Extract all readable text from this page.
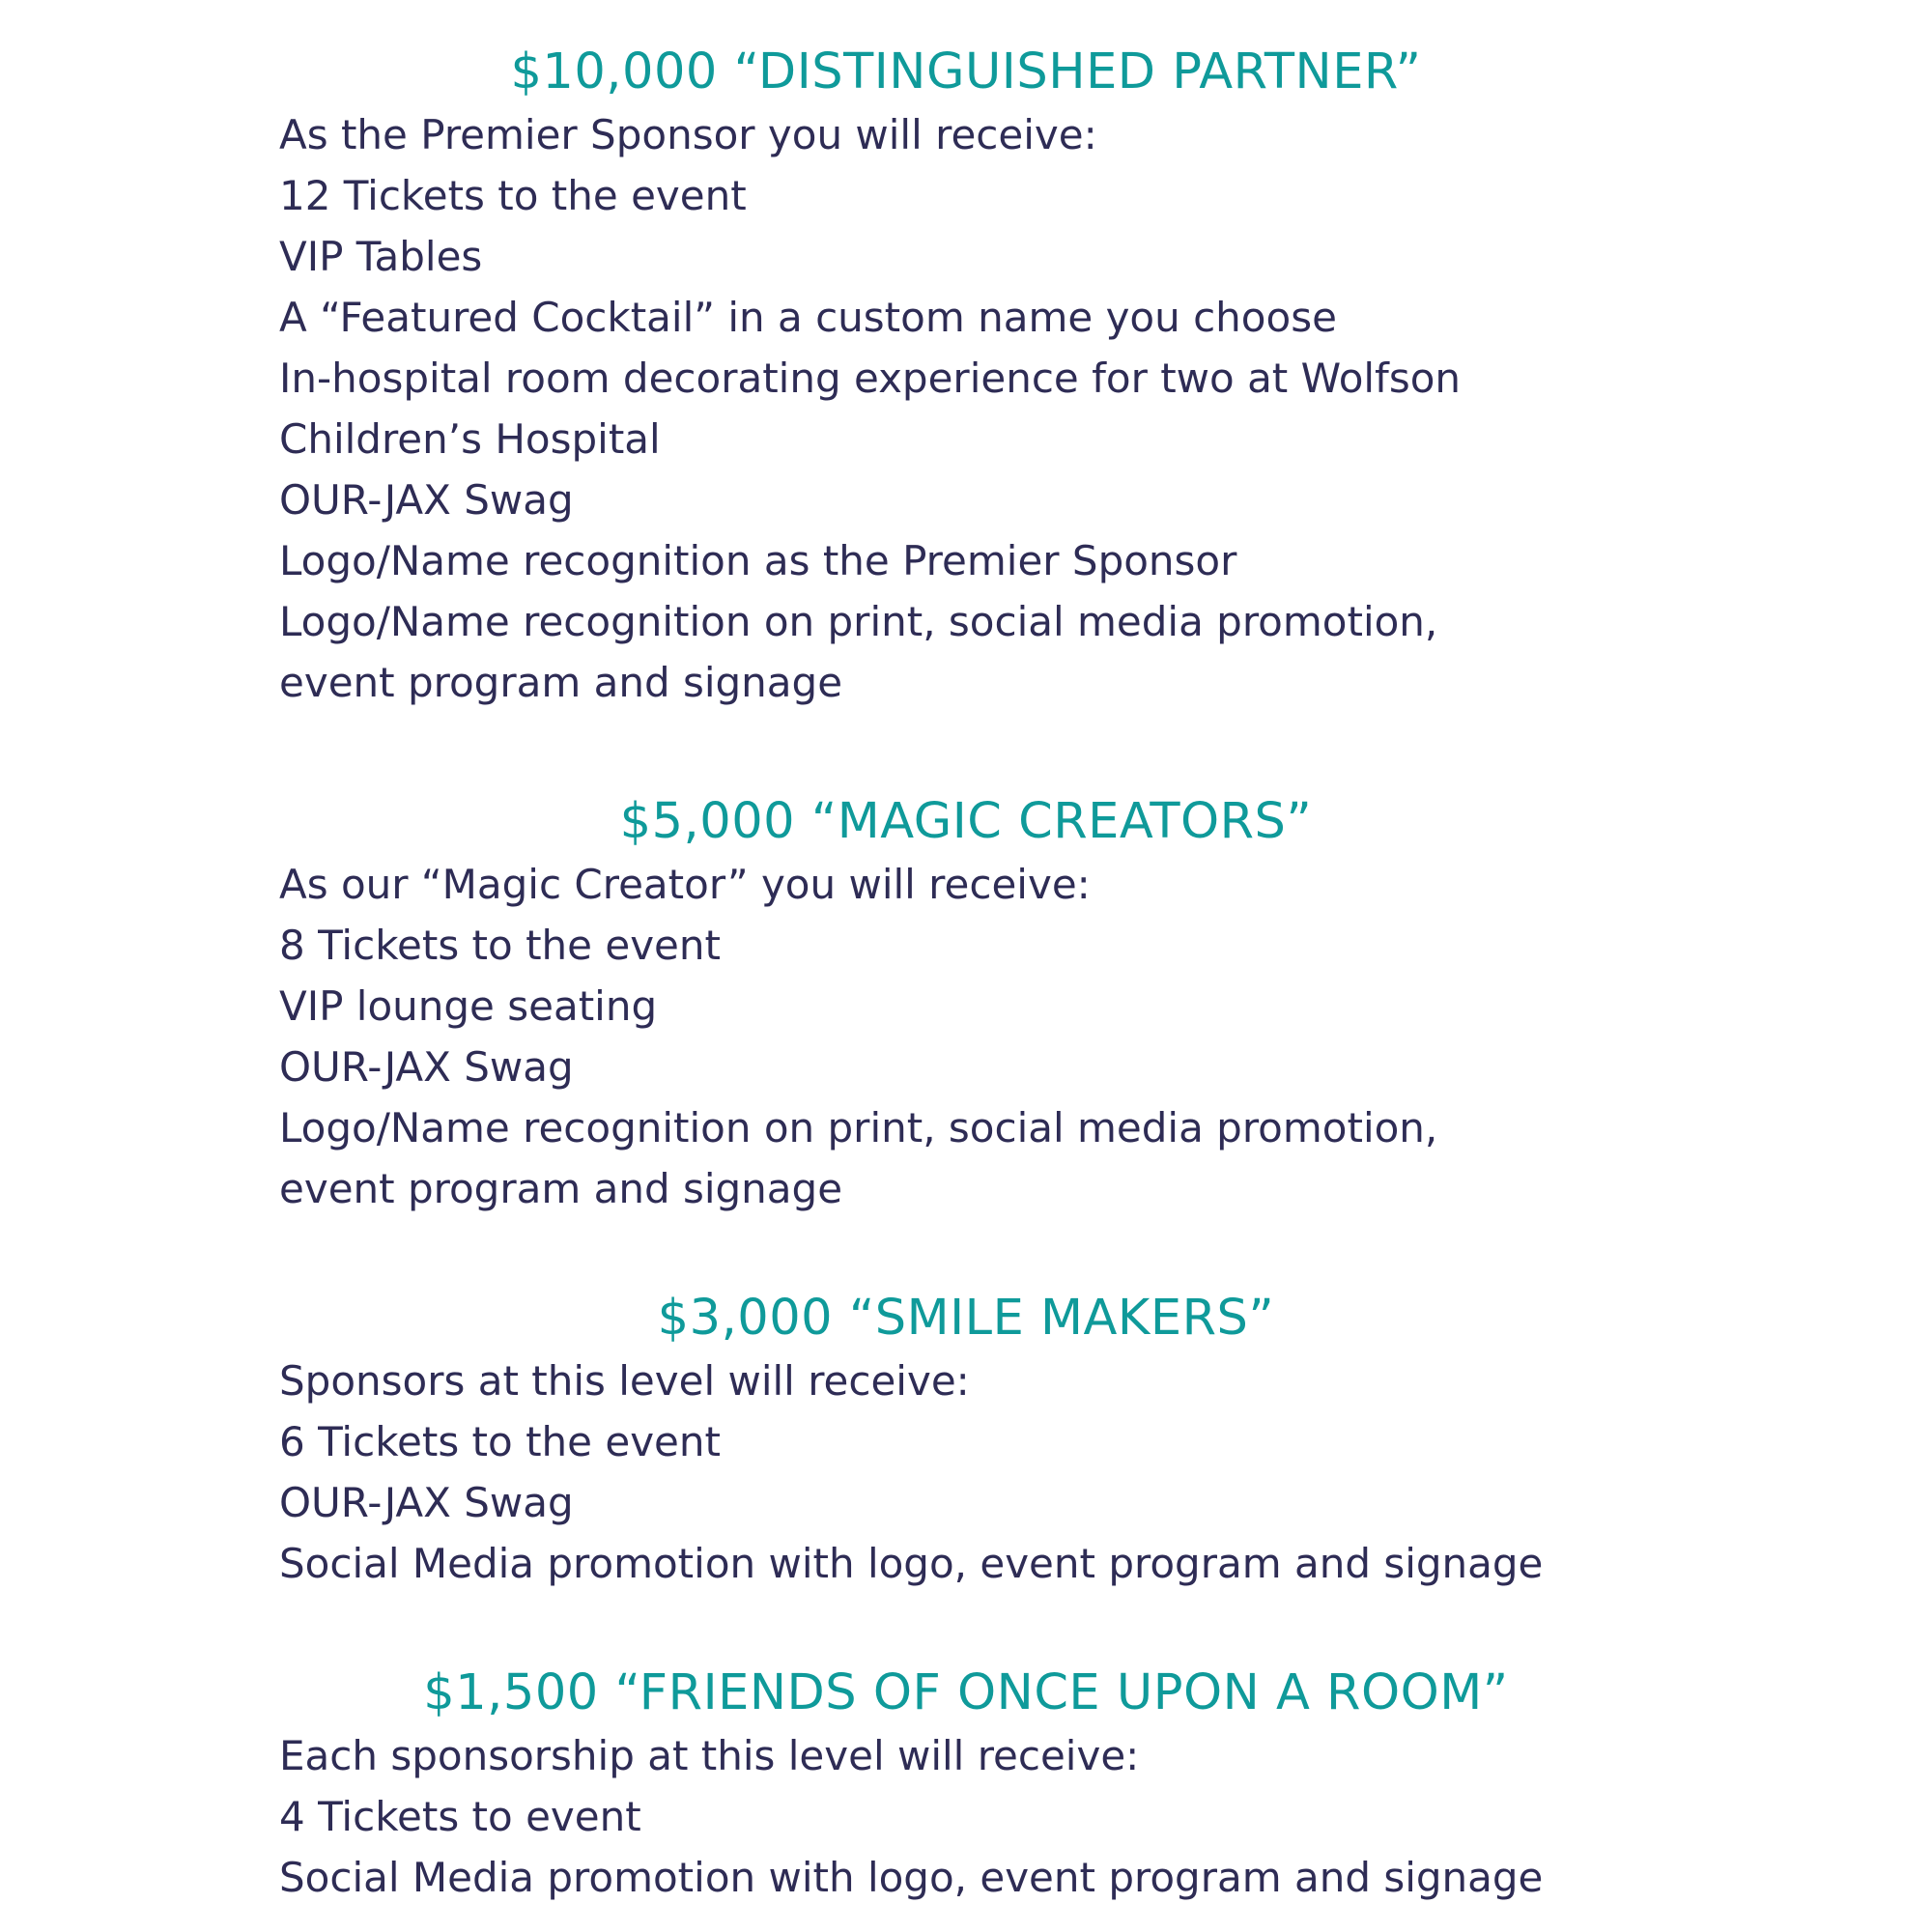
$10,000 “DISTINGUISHED PARTNER”
As the Premier Sponsor you will receive:
12 Tickets to the event
VIP Tables
A “Featured Cocktail” in a custom name you choose
In-hospital room decorating experience for two at Wolfson
Children’s Hospital
OUR-JAX Swag
Logo/Name recognition as the Premier Sponsor
Logo/Name recognition on print, social media promotion,
event program and signage
$5,000 “MAGIC CREATORS”
As our “Magic Creator” you will receive:
8 Tickets to the event
VIP lounge seating
OUR-JAX Swag
Logo/Name recognition on print, social media promotion,
event program and signage
$3,000 “SMILE MAKERS”
Sponsors at this level will receive:
6 Tickets to the event
OUR-JAX Swag
Social Media promotion with logo, event program and signage
$1,500 “FRIENDS OF ONCE UPON A ROOM”
Each sponsorship at this level will receive:
4 Tickets to event
Social Media promotion with logo, event program and signage
